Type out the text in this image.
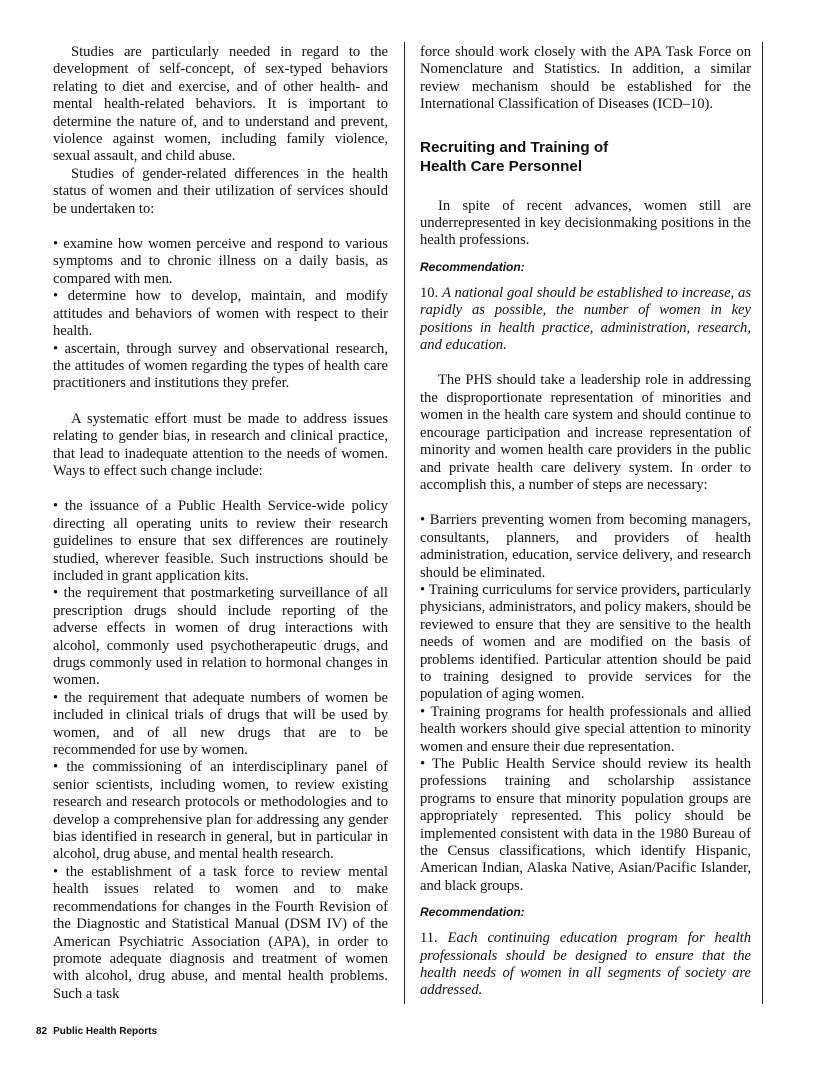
Studies are particularly needed in regard to the development of self-concept, of sex-typed behaviors relating to diet and exercise, and of other health- and mental health-related behaviors. It is important to determine the nature of, and to understand and prevent, violence against women, including family violence, sexual assault, and child abuse.

Studies of gender-related differences in the health status of women and their utilization of services should be undertaken to:

• examine how women perceive and respond to various symptoms and to chronic illness on a daily basis, as compared with men.

• determine how to develop, maintain, and modify attitudes and behaviors of women with respect to their health.

• ascertain, through survey and observational research, the attitudes of women regarding the types of health care practitioners and institutions they prefer.

A systematic effort must be made to address issues relating to gender bias, in research and clinical practice, that lead to inadequate attention to the needs of women. Ways to effect such change include:

• the issuance of a Public Health Service-wide policy directing all operating units to review their research guidelines to ensure that sex differences are routinely studied, wherever feasible. Such instructions should be included in grant application kits.

• the requirement that postmarketing surveillance of all prescription drugs should include reporting of the adverse effects in women of drug interactions with alcohol, commonly used psychotherapeutic drugs, and drugs commonly used in relation to hormonal changes in women.

• the requirement that adequate numbers of women be included in clinical trials of drugs that will be used by women, and of all new drugs that are to be recommended for use by women.

• the commissioning of an interdisciplinary panel of senior scientists, including women, to review existing research and research protocols or methodologies and to develop a comprehensive plan for addressing any gender bias identified in research in general, but in particular in alcohol, drug abuse, and mental health research.

• the establishment of a task force to review mental health issues related to women and to make recommendations for changes in the Fourth Revision of the Diagnostic and Statistical Manual (DSM IV) of the American Psychiatric Association (APA), in order to promote adequate diagnosis and treatment of women with alcohol, drug abuse, and mental health problems. Such a task

force should work closely with the APA Task Force on Nomenclature and Statistics. In addition, a similar review mechanism should be established for the International Classification of Diseases (ICD–10).

Recruiting and Training of
Health Care Personnel

In spite of recent advances, women still are underrepresented in key decisionmaking positions in the health professions.

Recommendation:

10. A national goal should be established to increase, as rapidly as possible, the number of women in key positions in health practice, administration, research, and education.

The PHS should take a leadership role in addressing the disproportionate representation of minorities and women in the health care system and should continue to encourage participation and increase representation of minority and women health care providers in the public and private health care delivery system. In order to accomplish this, a number of steps are necessary:

• Barriers preventing women from becoming managers, consultants, planners, and providers of health administration, education, service delivery, and research should be eliminated.

• Training curriculums for service providers, particularly physicians, administrators, and policy makers, should be reviewed to ensure that they are sensitive to the health needs of women and are modified on the basis of problems identified. Particular attention should be paid to training designed to provide services for the population of aging women.

• Training programs for health professionals and allied health workers should give special attention to minority women and ensure their due representation.

• The Public Health Service should review its health professions training and scholarship assistance programs to ensure that minority population groups are appropriately represented. This policy should be implemented consistent with data in the 1980 Bureau of the Census classifications, which identify Hispanic, American Indian, Alaska Native, Asian/Pacific Islander, and black groups.

Recommendation:

11. Each continuing education program for health professionals should be designed to ensure that the health needs of women in all segments of society are addressed.

82 Public Health Reports
